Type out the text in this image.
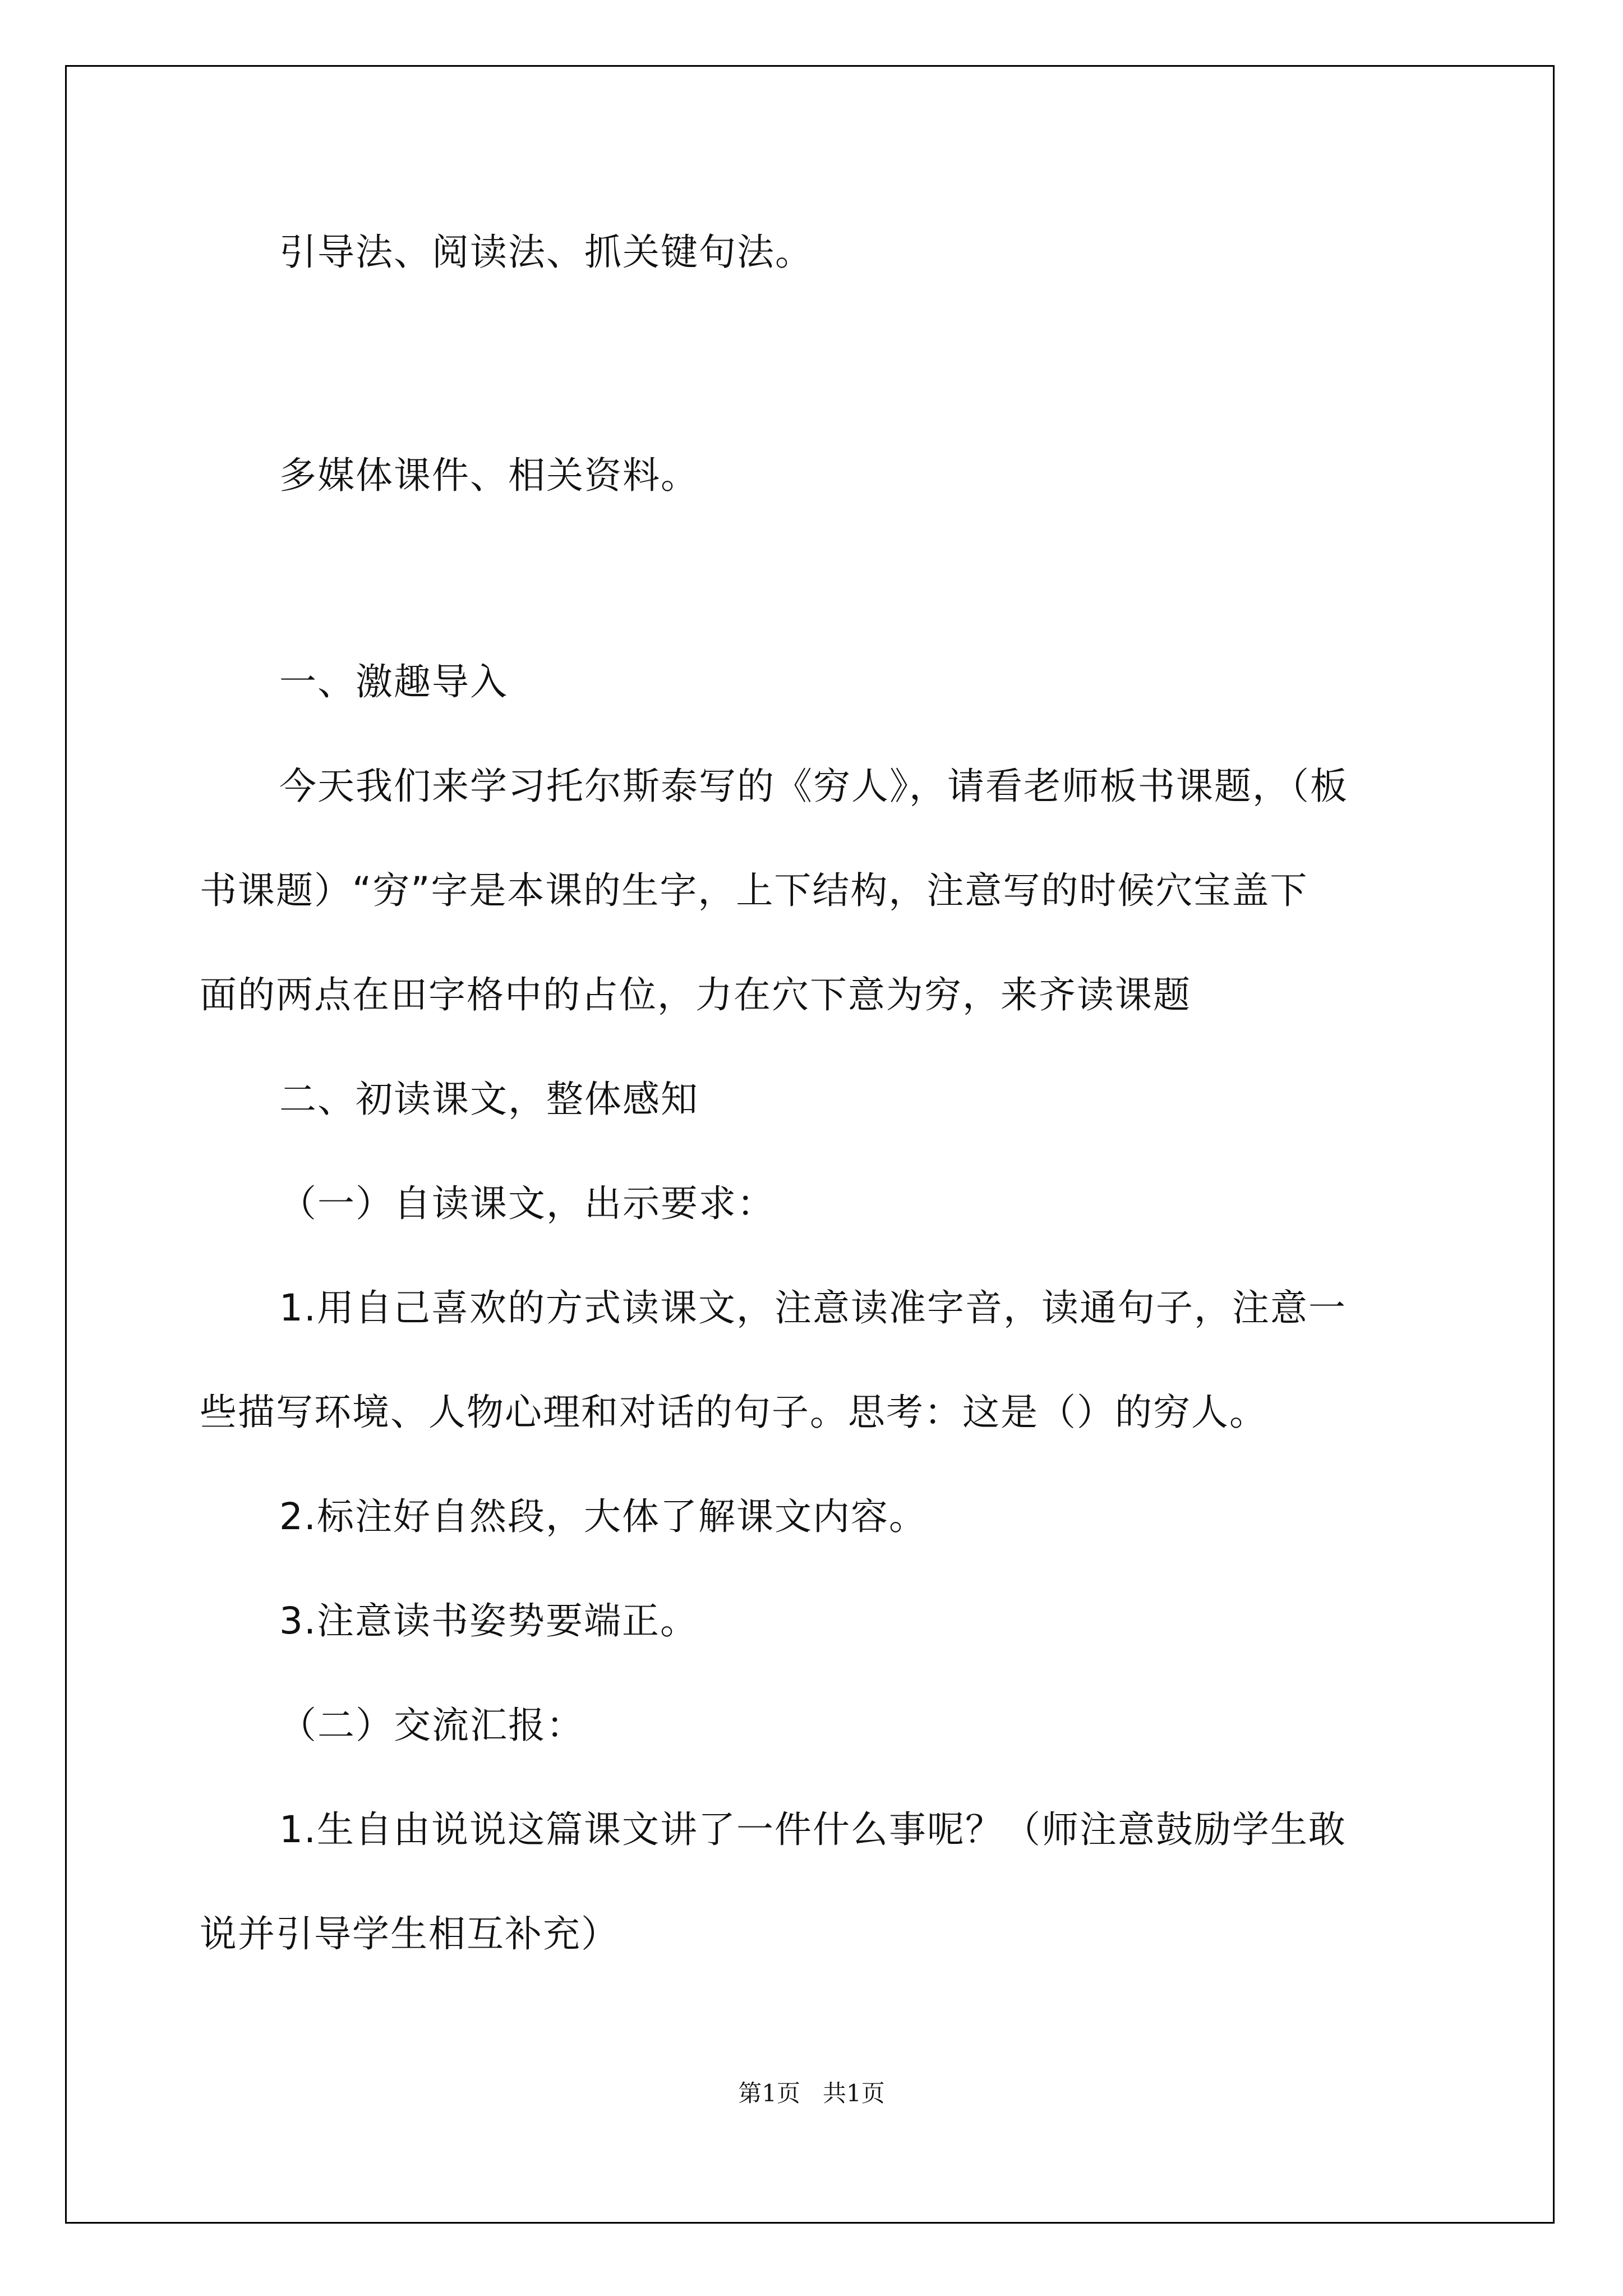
引导法、阅读法、抓关键句法。
多媒体课件、相关资料。
一、激趣导入
今天我们来学习托尔斯泰写的《穷人》，请看老师板书课题，（板
书课题）“穷”字是本课的生字，上下结构，注意写的时候穴宝盖下
面的两点在田字格中的占位，力在穴下意为穷，来齐读课题
二、初读课文，整体感知
（一）自读课文，出示要求：
1.用自己喜欢的方式读课文，注意读准字音，读通句子，注意一
些描写环境、人物心理和对话的句子。思考：这是（）的穷人。
2.标注好自然段，大体了解课文内容。
3.注意读书姿势要端正。
（二）交流汇报：
1.生自由说说这篇课文讲了一件什么事呢？（师注意鼓励学生敢
说并引导学生相互补充）
第1页   共1页
